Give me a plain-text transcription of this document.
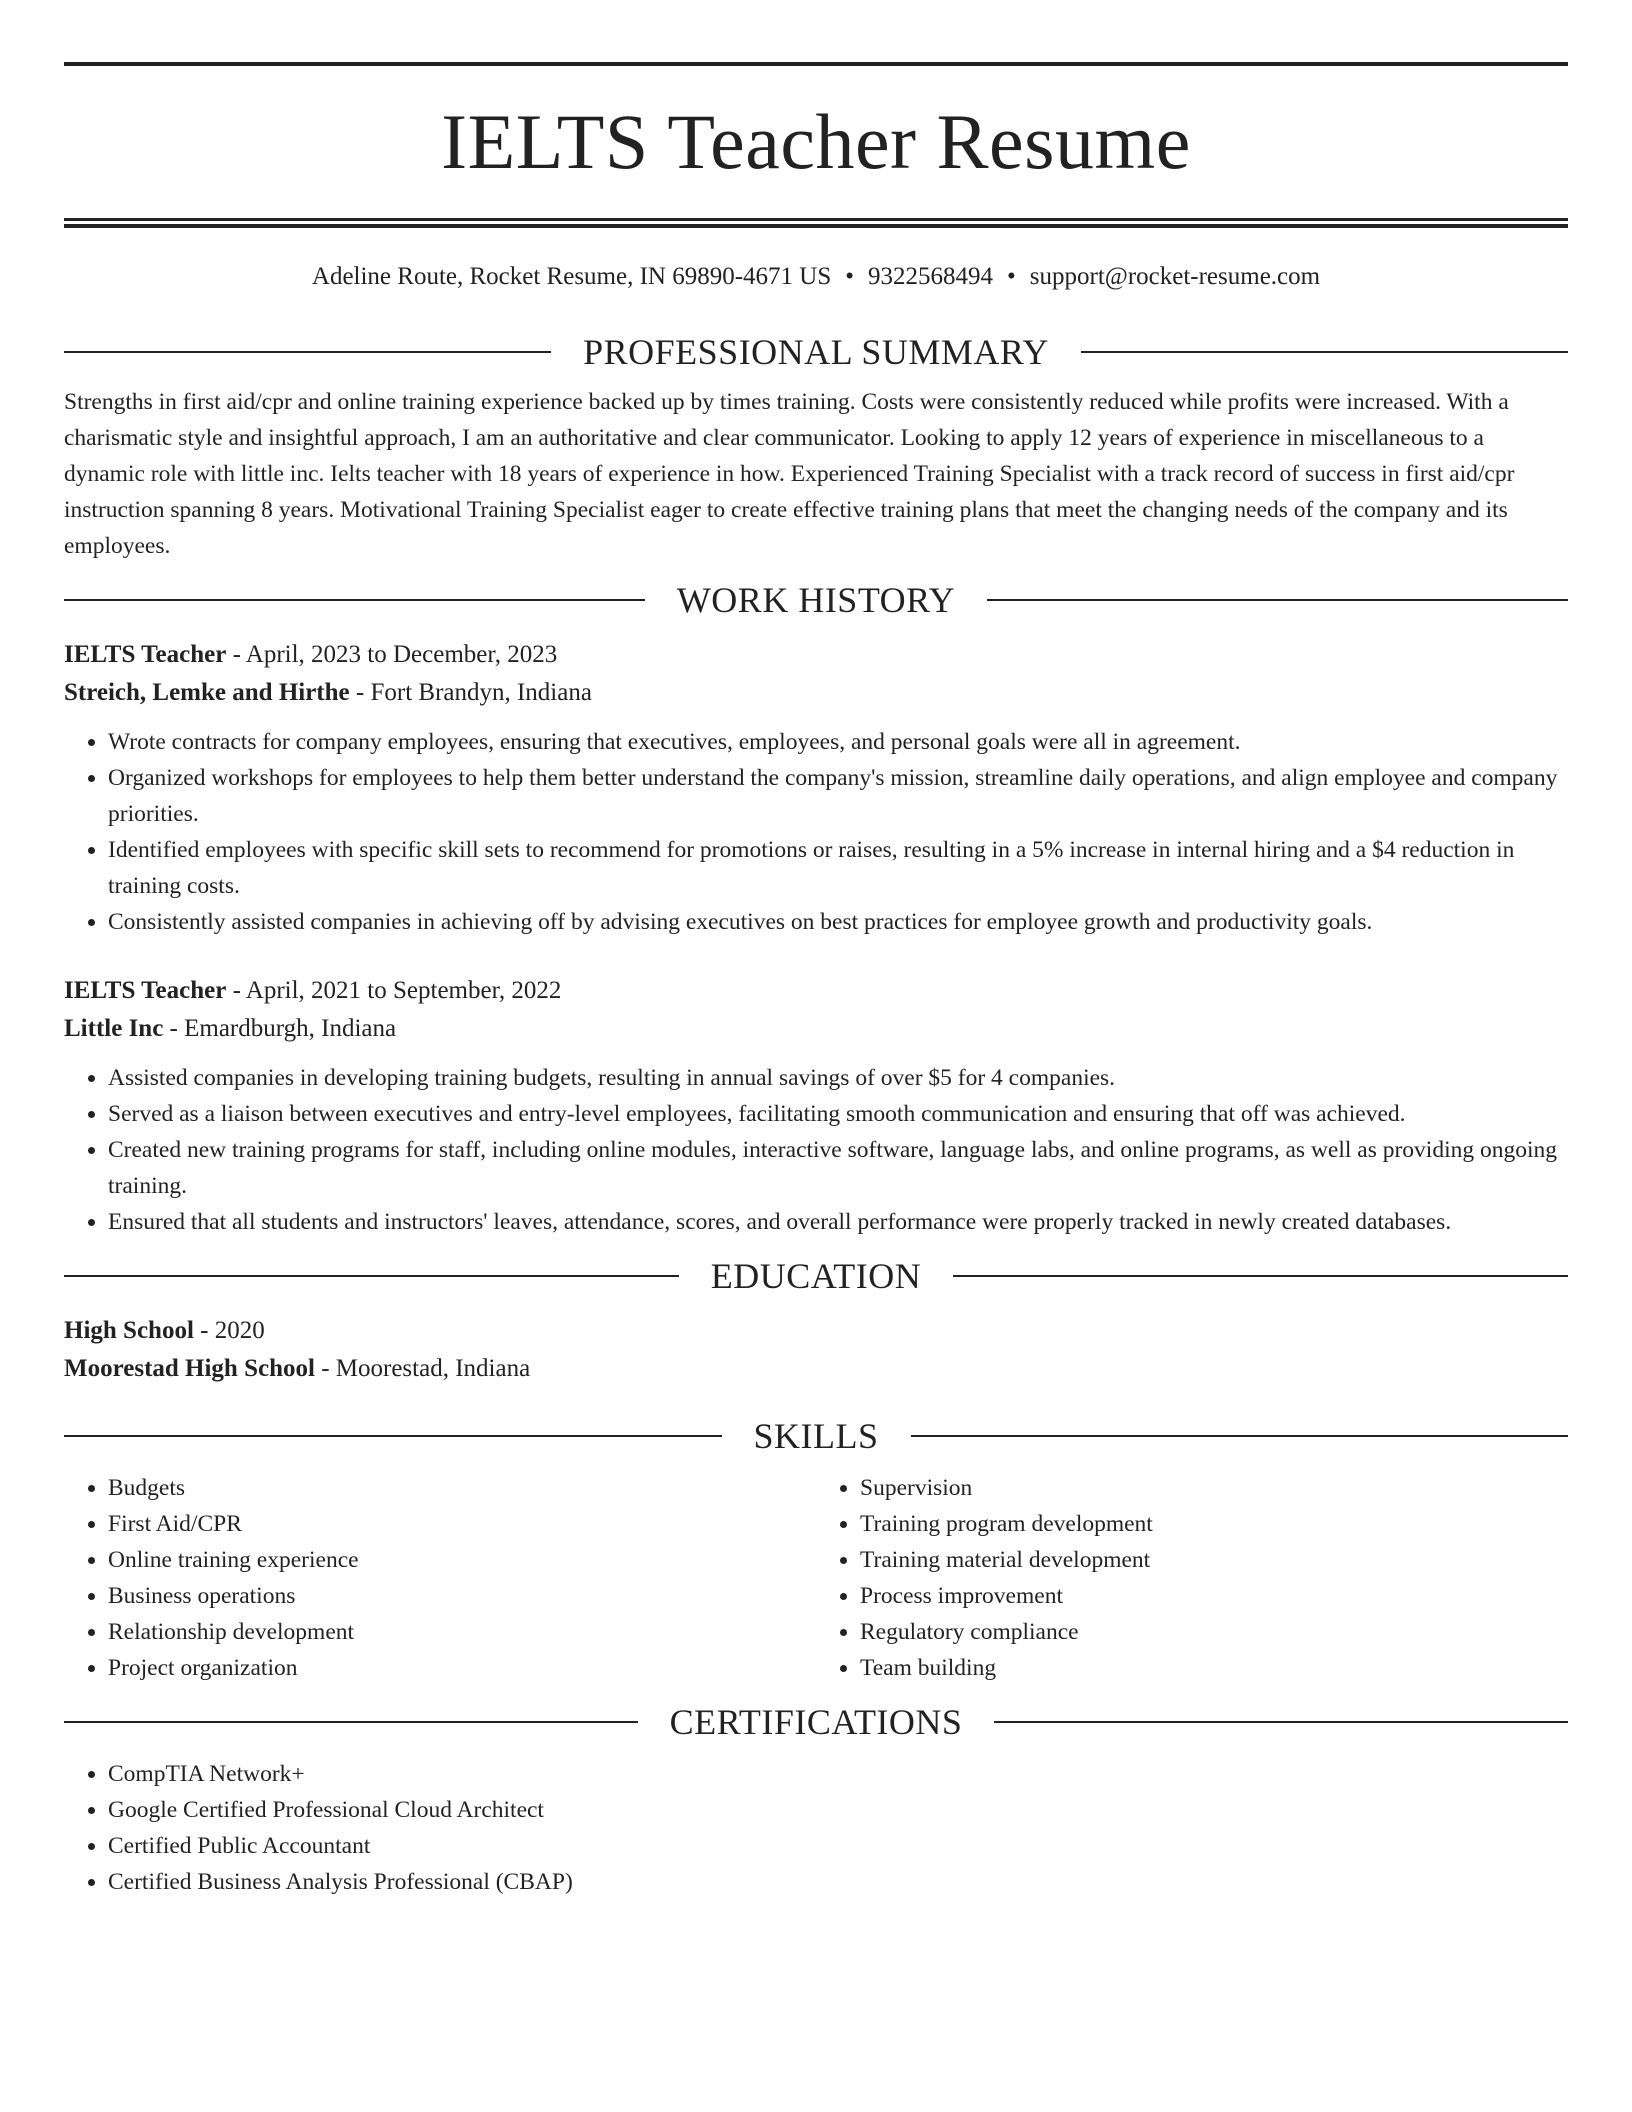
IELTS Teacher Resume
Adeline Route, Rocket Resume, IN 69890-4671 US • 9322568494 • support@rocket-resume.com
PROFESSIONAL SUMMARY

Strengths in first aid/cpr and online training experience backed up by times training. Costs were consistently reduced while profits were increased. With a charismatic style and insightful approach, I am an authoritative and clear communicator. Looking to apply 12 years of experience in miscellaneous to a dynamic role with little inc. Ielts teacher with 18 years of experience in how. Experienced Training Specialist with a track record of success in first aid/cpr instruction spanning 8 years. Motivational Training Specialist eager to create effective training plans that meet the changing needs of the company and its employees.

WORK HISTORY

IELTS Teacher - April, 2023 to December, 2023

Streich, Lemke and Hirthe - Fort Brandyn, Indiana

• Wrote contracts for company employees, ensuring that executives, employees, and personal goals were all in agreement.
• Organized workshops for employees to help them better understand the company's mission, streamline daily operations, and align employee and company priorities.
• Identified employees with specific skill sets to recommend for promotions or raises, resulting in a 5% increase in internal hiring and a $4 reduction in training costs.
• Consistently assisted companies in achieving off by advising executives on best practices for employee growth and productivity goals.

IELTS Teacher - April, 2021 to September, 2022

Little Inc - Emardburgh, Indiana

• Assisted companies in developing training budgets, resulting in annual savings of over $5 for 4 companies.
• Served as a liaison between executives and entry-level employees, facilitating smooth communication and ensuring that off was achieved.
• Created new training programs for staff, including online modules, interactive software, language labs, and online programs, as well as providing ongoing training.
• Ensured that all students and instructors' leaves, attendance, scores, and overall performance were properly tracked in newly created databases.
EDUCATION

High School - 2020

Moorestad High School - Moorestad, Indiana

SKILLS
• Budgets
• First Aid/CPR
• Online training experience
• Business operations
• Relationship development
• Project organization
• Supervision
• Training program development
• Training material development
• Process improvement
• Regulatory compliance
• Team building
CERTIFICATIONS
• CompTIA Network+
• Google Certified Professional Cloud Architect
• Certified Public Accountant
• Certified Business Analysis Professional (CBAP)
